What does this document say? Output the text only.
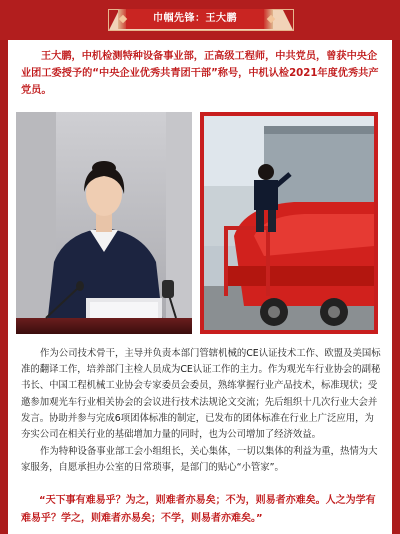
巾帼先锋：王大鹏
王大鹏，中机检测特种设备事业部，正高级工程师，中共党员，曾获中央企业团工委授予的“中央企业优秀共青团干部”称号，中机认检2021年度优秀共产党员。
作为公司技术骨干，主导并负责本部门管辖机械的CE认证技术工作、欧盟及美国标准的翻译工作，培养部门主检人员成为CE认证工作的主力。作为观光车行业协会的副秘书长、中国工程机械工业协会专家委员会委员，熟练掌握行业产品技术，标准现状；受邀参加观光车行业相关协会的会议进行技术法规论文交流；先后组织十几次行业大会并发言。协助并参与完成6项团体标准的制定，已发布的团体标准在行业上广泛应用，为夯实公司在相关行业的基础增加力量的同时，也为公司增加了经济效益。
作为特种设备事业部工会小组组长，关心集体，一切以集体的利益为重，热情为大家服务，自愿承担办公室的日常琐事，是部门的贴心“小管家”。
“天下事有难易乎？为之，则难者亦易矣；不为，则易者亦难矣。人之为学有难易乎？学之，则难者亦易矣；不学，则易者亦难矣。”
